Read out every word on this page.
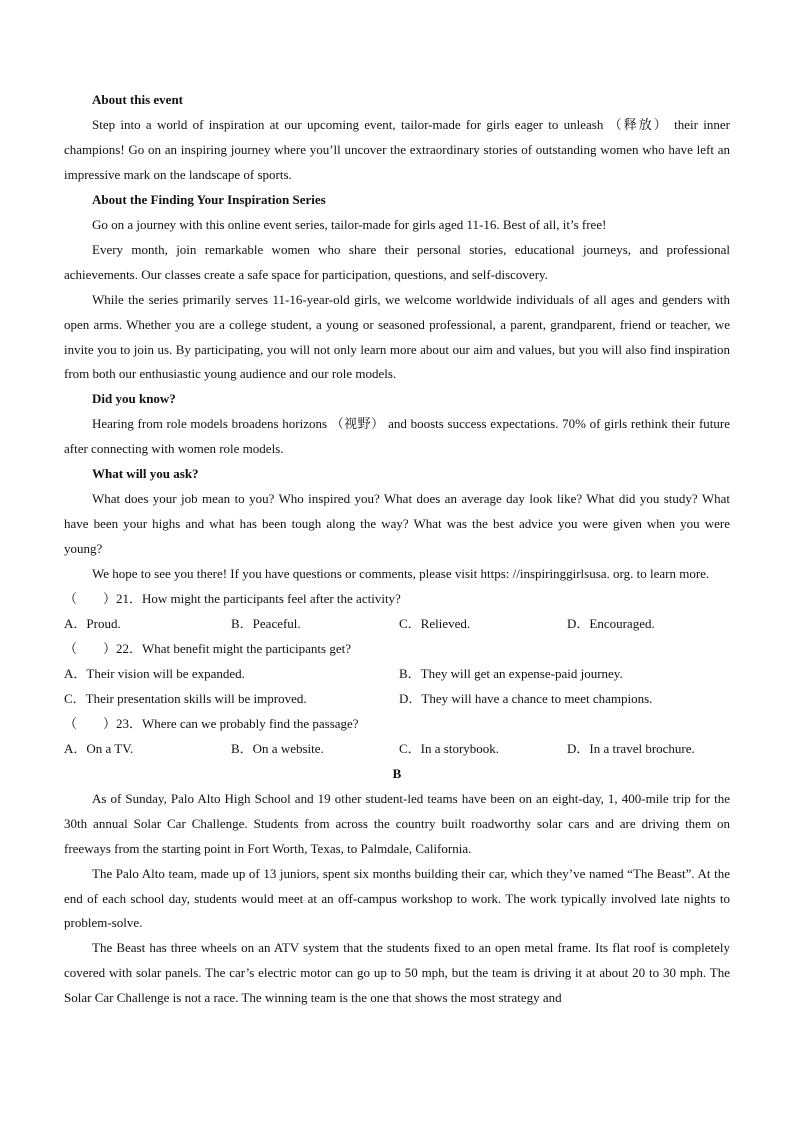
About this event

Step into a world of inspiration at our upcoming event, tailor-made for girls eager to unleash （释放） their inner champions! Go on an inspiring journey where you’ll uncover the extraordinary stories of outstanding women who have left an impressive mark on the landscape of sports.

About the Finding Your Inspiration Series

Go on a journey with this online event series, tailor-made for girls aged 11-16. Best of all, it’s free!

Every month, join remarkable women who share their personal stories, educational journeys, and professional achievements. Our classes create a safe space for participation, questions, and self-discovery.

While the series primarily serves 11-16-year-old girls, we welcome worldwide individuals of all ages and genders with open arms. Whether you are a college student, a young or seasoned professional, a parent, grandparent, friend or teacher, we invite you to join us. By participating, you will not only learn more about our aim and values, but you will also find inspiration from both our enthusiastic young audience and our role models.

Did you know?

Hearing from role models broadens horizons （视野） and boosts success expectations. 70% of girls rethink their future after connecting with women role models.

What will you ask?

What does your job mean to you? Who inspired you? What does an average day look like? What did you study? What have been your highs and what has been tough along the way? What was the best advice you were given when you were young?

We hope to see you there! If you have questions or comments, please visit https: //inspiringgirlsusa. org. to learn more.

（　　）21．How might the participants feel after the activity?

A．Proud.	B．Peaceful.	C．Relieved.	D．Encouraged.

（　　）22．What benefit might the participants get?

A．Their vision will be expanded.	B．They will get an expense-paid journey.
C．Their presentation skills will be improved.	D．They will have a chance to meet champions.

（　　）23．Where can we probably find the passage?

A．On a TV.	B．On a website.	C．In a storybook.	D．In a travel brochure.

B

As of Sunday, Palo Alto High School and 19 other student-led teams have been on an eight-day, 1, 400-mile trip for the 30th annual Solar Car Challenge. Students from across the country built roadworthy solar cars and are driving them on freeways from the starting point in Fort Worth, Texas, to Palmdale, California.

The Palo Alto team, made up of 13 juniors, spent six months building their car, which they’ve named “The Beast”. At the end of each school day, students would meet at an off-campus workshop to work. The work typically involved late nights to problem-solve.

The Beast has three wheels on an ATV system that the students fixed to an open metal frame. Its flat roof is completely covered with solar panels. The car’s electric motor can go up to 50 mph, but the team is driving it at about 20 to 30 mph. The Solar Car Challenge is not a race. The winning team is the one that shows the most strategy and
